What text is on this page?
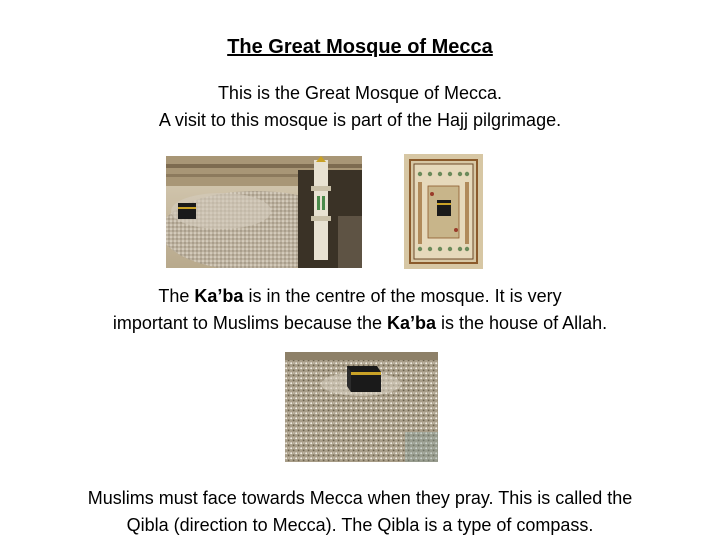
The Great Mosque of Mecca
This is the Great Mosque of Mecca.
A visit to this mosque is part of the Hajj pilgrimage.
The Ka’ba is in the centre of the mosque. It is very
important to Muslims because the Ka’ba is the house of Allah.
Muslims must face towards Mecca when they pray. This is called the
Qibla (direction to Mecca). The Qibla is a type of compass.
